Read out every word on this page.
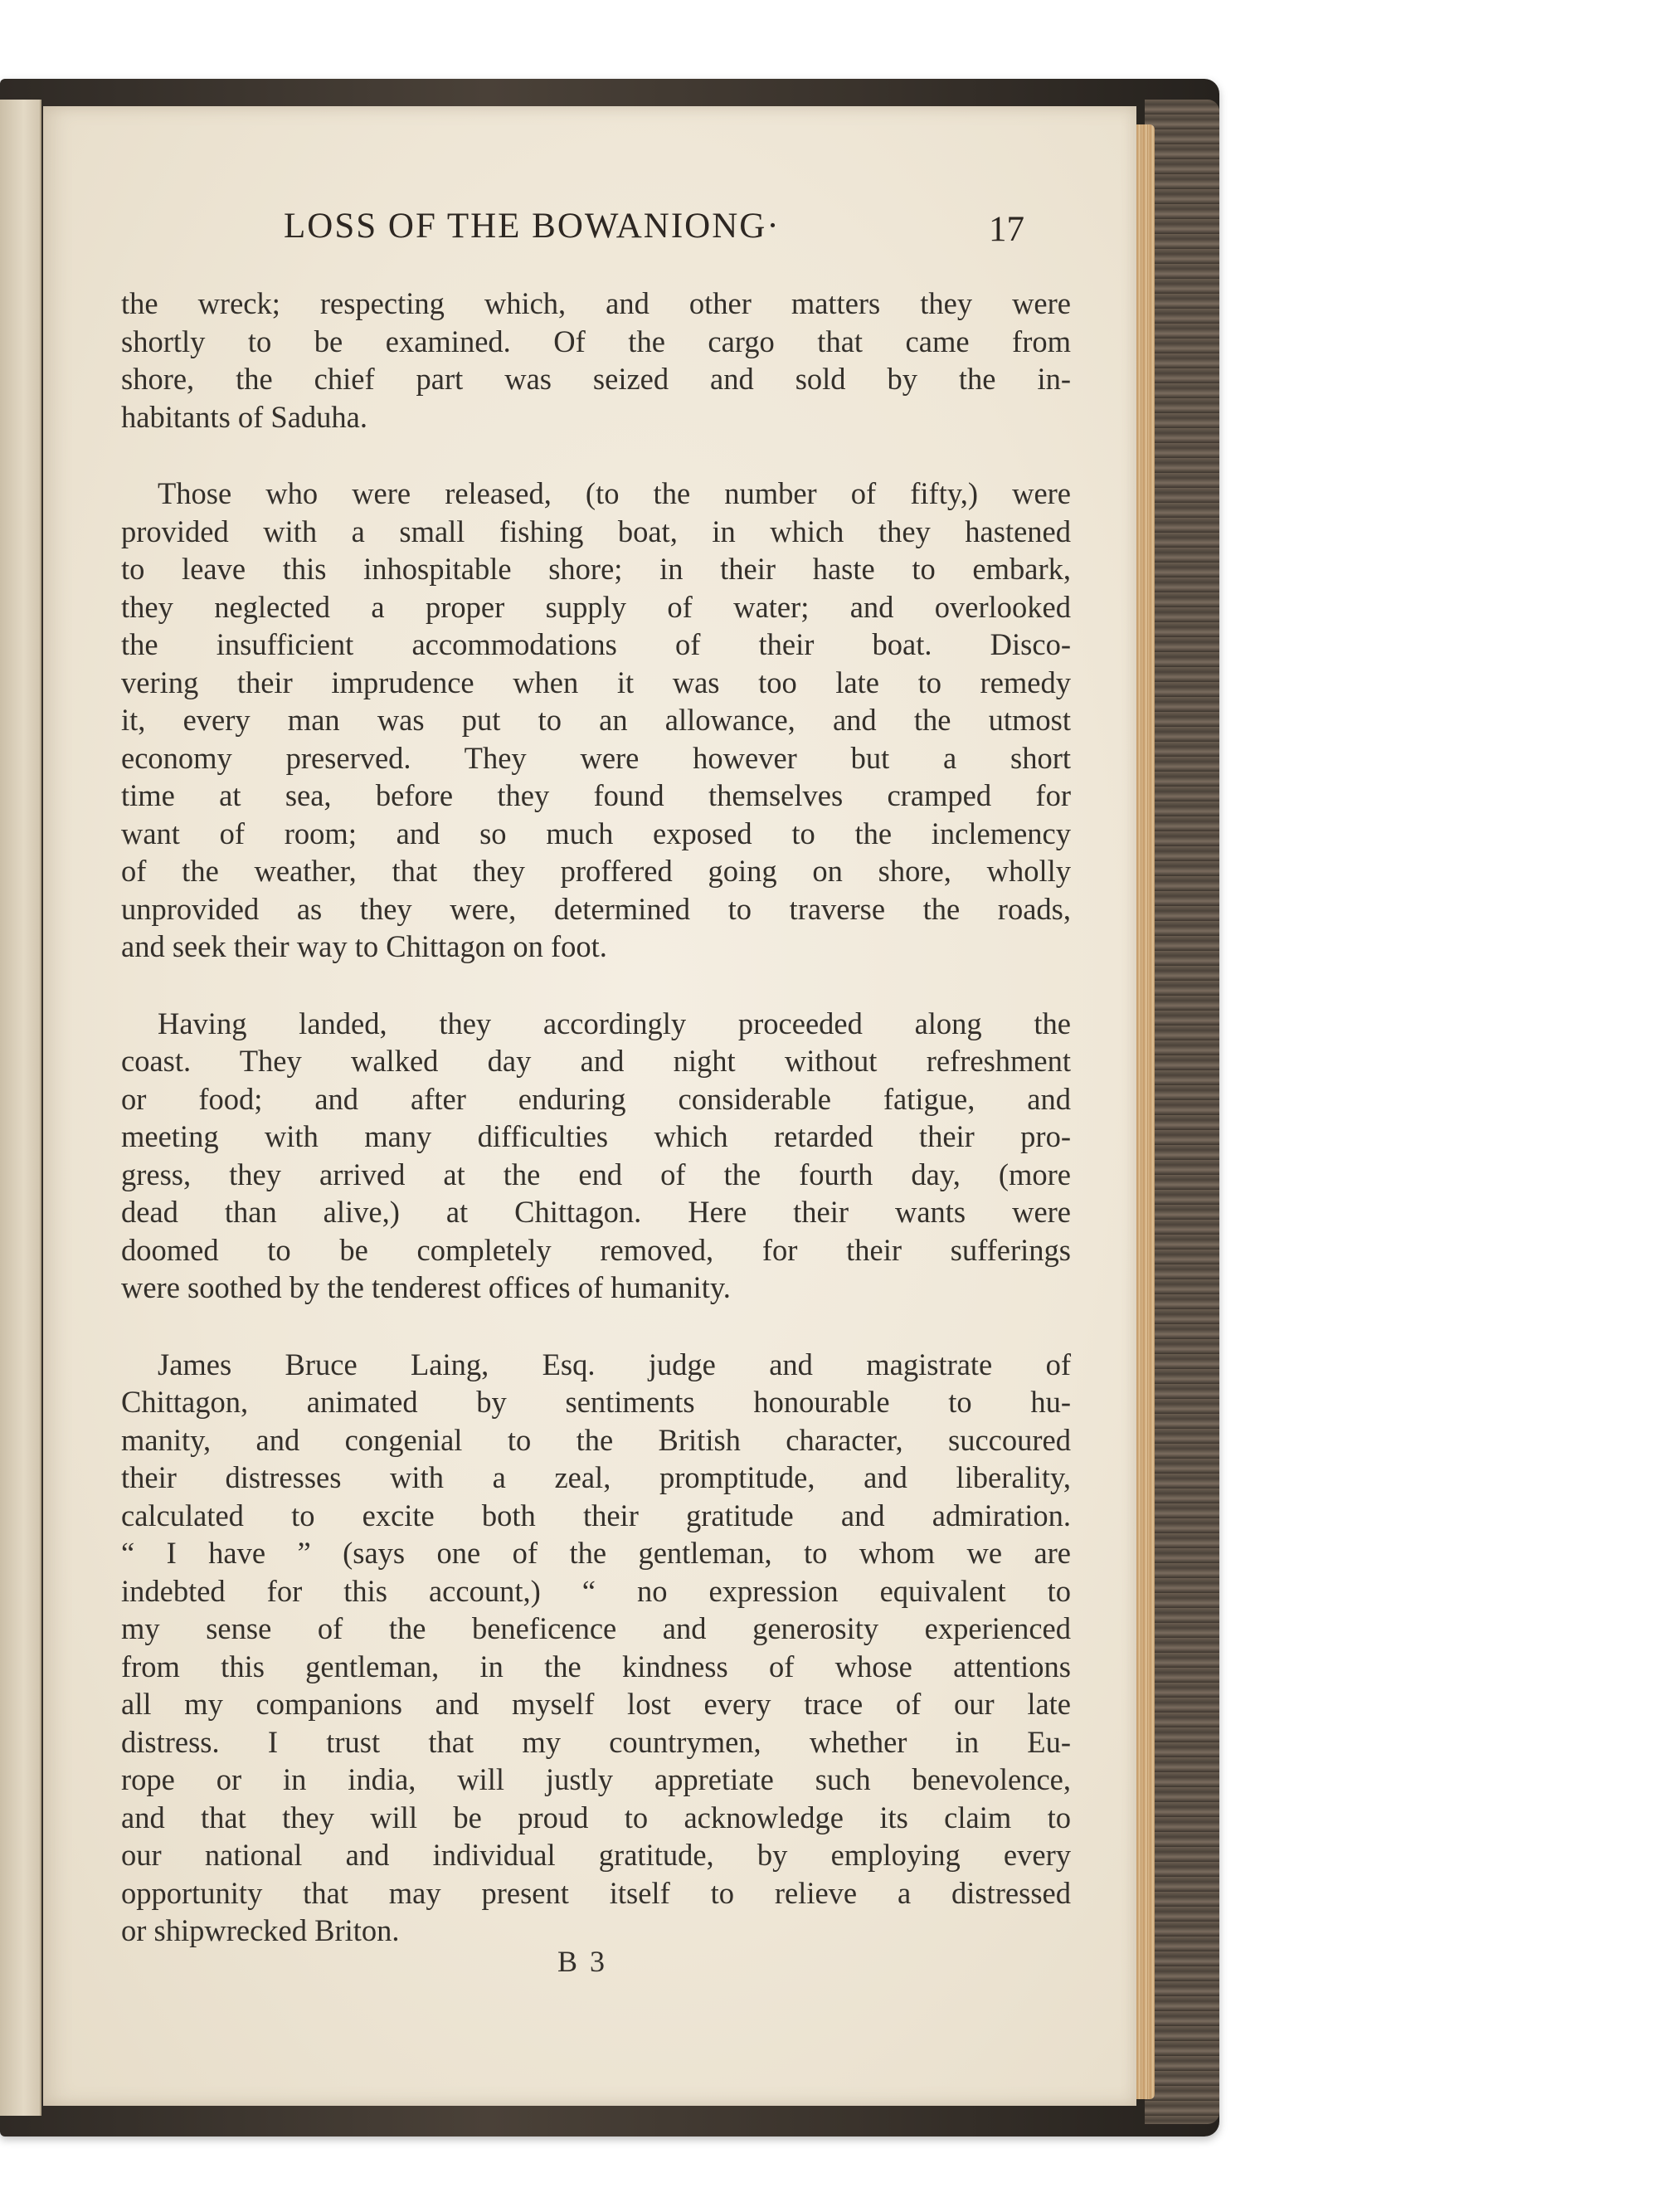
LOSS OF THE BOWANIONG·	17

the wreck; respecting which, and other matters they were
shortly to be examined. Of the cargo that came from
shore, the chief part was seized and sold by the in-
habitants of Saduha.

Those who were released, (to the number of fifty,) were
provided with a small fishing boat, in which they hastened
to leave this inhospitable shore; in their haste to embark,
they neglected a proper supply of water; and overlooked
the insufficient accommodations of their boat. Disco-
vering their imprudence when it was too late to remedy
it, every man was put to an allowance, and the utmost
economy preserved. They were however but a short
time at sea, before they found themselves cramped for
want of room; and so much exposed to the inclemency
of the weather, that they proffered going on shore, wholly
unprovided as they were, determined to traverse the roads,
and seek their way to Chittagon on foot.

Having landed, they accordingly proceeded along the
coast. They walked day and night without refreshment
or food; and after enduring considerable fatigue, and
meeting with many difficulties which retarded their pro-
gress, they arrived at the end of the fourth day, (more
dead than alive,) at Chittagon. Here their wants were
doomed to be completely removed, for their sufferings
were soothed by the tenderest offices of humanity.

James Bruce Laing, Esq. judge and magistrate of
Chittagon, animated by sentiments honourable to hu-
manity, and congenial to the British character, succoured
their distresses with a zeal, promptitude, and liberality,
calculated to excite both their gratitude and admiration.
“ I have ” (says one of the gentleman, to whom we are
indebted for this account,) “ no expression equivalent to
my sense of the beneficence and generosity experienced
from this gentleman, in the kindness of whose attentions
all my companions and myself lost every trace of our late
distress. I trust that my countrymen, whether in Eu-
rope or in india, will justly appretiate such benevolence,
and that they will be proud to acknowledge its claim to
our national and individual gratitude, by employing every
opportunity that may present itself to relieve a distressed
or shipwrecked Briton.

B 3
